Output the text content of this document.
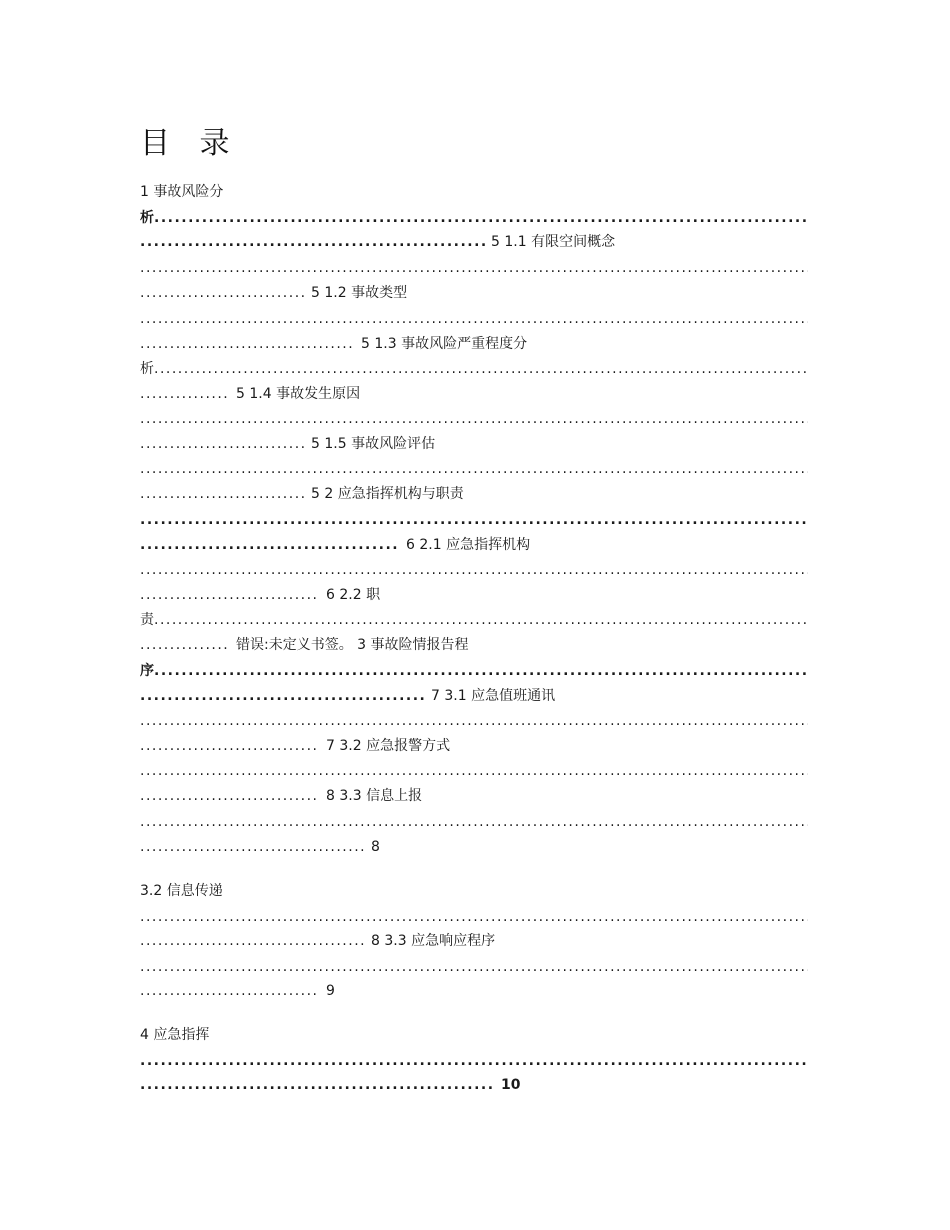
目 录
1 事故风险分
析
.....
.....
5 1.1 有限空间概念
.....
.....
5 1.2 事故类型
.....
.....
5 1.3 事故风险严重程度分
析
.....
.....
5 1.4 事故发生原因
.....
.....
5 1.5 事故风险评估
.....
.....
5 2 应急指挥机构与职责
.....
.....
6 2.1 应急指挥机构
.....
.....
6 2.2 职
责
.....
.....
错误:未定义书签。 3 事故险情报告程
序
.....
.....
7 3.1 应急值班通讯
.....
.....
7 3.2 应急报警方式
.....
.....
8 3.3 信息上报
.....
.....
8
3.2 信息传递
.....
.....
8 3.3 应急响应程序
.....
.....
9
4 应急指挥
.....
.....
10
